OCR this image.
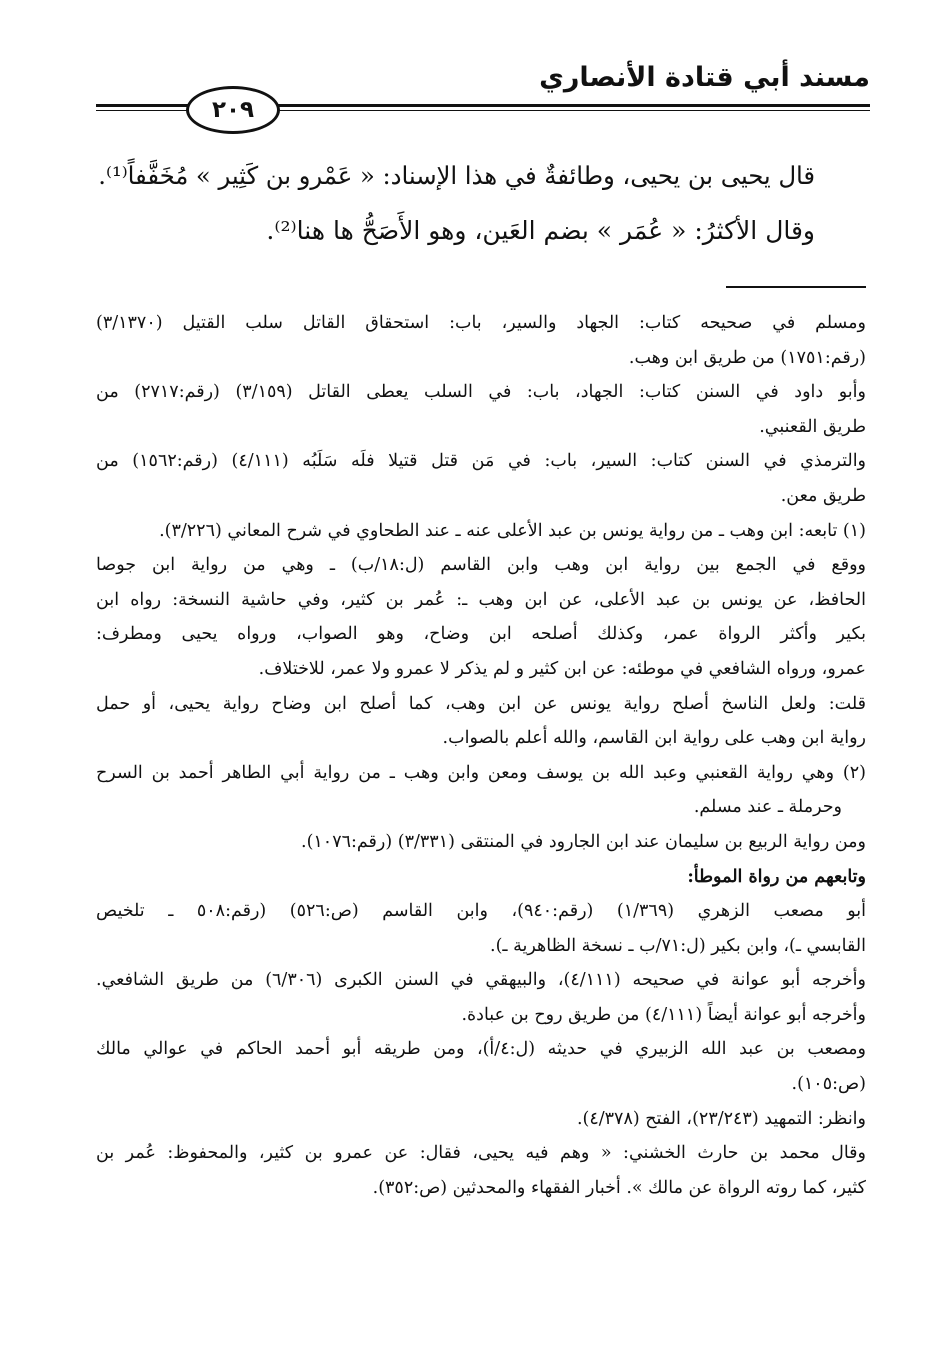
مسند أبي قتادة الأنصاري
٢٠٩
قال يحيى بن يحيى، وطائفةٌ في هذا الإسناد: « عَمْرو بن كَثِير » مُخَفَّفاً⁽¹⁾.
وقال الأكثرُ: « عُمَر » بضم العَين، وهو الأَصَحُّ ها هنا⁽²⁾.
ومسلم في صحيحه كتاب: الجهاد والسير، باب: استحقاق القاتل سلب القتيل (٣/١٣٧٠)
(رقم:١٧٥١) من طريق ابن وهب.
وأبو داود في السنن كتاب: الجهاد، باب: في السلب يعطى القاتل (٣/١٥٩) (رقم:٢٧١٧) من
طريق القعنبي.
والترمذي في السنن كتاب: السير، باب: في مَن قتل قتيلا فلَه سَلَبُه (٤/١١١) (رقم:١٥٦٢) من
طريق معن.
(١) تابعه: ابن وهب ـ من رواية يونس بن عبد الأعلى عنه ـ عند الطحاوي في شرح المعاني (٣/٢٢٦).
ووقع في الجمع بين رواية ابن وهب وابن القاسم (ل:١٨/ب) ـ وهي من رواية ابن جوصا
الحافظ، عن يونس بن عبد الأعلى، عن ابن وهب ـ: عُمر بن كثير، وفي حاشية النسخة: رواه ابن
بكير وأكثر الرواة عمر، وكذلك أصلحه ابن وضاح، وهو الصواب، ورواه يحيى ومطرف:
عمرو، ورواه الشافعي في موطئه: عن ابن كثير و لم يذكر لا عمرو ولا عمر، للاختلاف.
قلت: ولعل الناسخ أصلح رواية يونس عن ابن وهب، كما أصلح ابن وضاح رواية يحيى، أو حمل
رواية ابن وهب على رواية ابن القاسم، والله أعلم بالصواب.
(٢) وهي رواية القعنبي وعبد الله بن يوسف ومعن وابن وهب ـ من رواية أبي الطاهر أحمد بن السرح
وحرملة ـ عند مسلم.
ومن رواية الربيع بن سليمان عند ابن الجارود في المنتقى (٣/٣٣١) (رقم:١٠٧٦).
وتابعهم من رواة الموطأ:
أبو مصعب الزهري (١/٣٦٩) (رقم:٩٤٠)، وابن القاسم (ص:٥٢٦) (رقم:٥٠٨ ـ تلخيص
القابسي ـ)، وابن بكير (ل:٧١/ب ـ نسخة الظاهرية ـ).
وأخرجه أبو عوانة في صحيحه (٤/١١١)، والبيهقي في السنن الكبرى (٦/٣٠٦) من طريق الشافعي.
وأخرجه أبو عوانة أيضاً (٤/١١١) من طريق روح بن عبادة.
ومصعب بن عبد الله الزبيري في حديثه (ل:٤/أ)، ومن طريقه أبو أحمد الحاكم في عوالي مالك
(ص:١٠٥).
وانظر: التمهيد (٢٣/٢٤٣)، الفتح (٤/٣٧٨).
وقال محمد بن حارث الخشني: « وهم فيه يحيى، فقال: عن عمرو بن كثير، والمحفوظ: عُمر بن
كثير، كما روته الرواة عن مالك ». أخبار الفقهاء والمحدثين (ص:٣٥٢).
